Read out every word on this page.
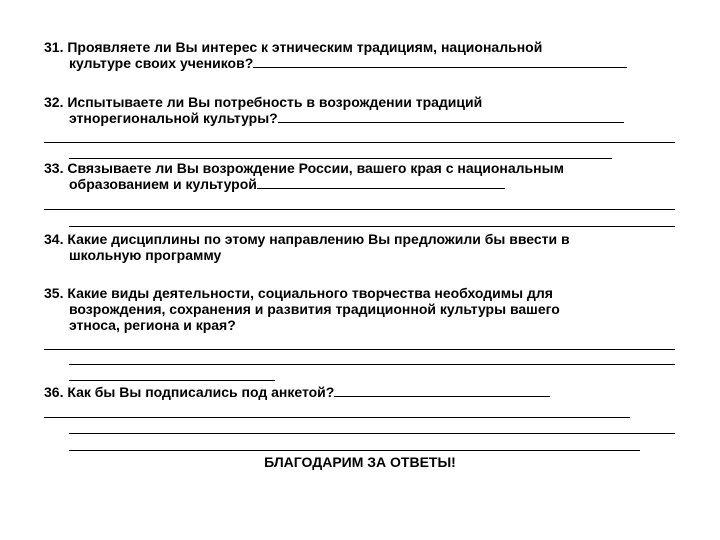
31. Проявляете ли Вы интерес к этническим традициям, национальной
культуре своих учеников?
32. Испытываете ли Вы потребность в возрождении традиций
этнорегиональной культуры?
33. Связываете ли Вы возрождение России, вашего края с национальным
образованием и культурой
34. Какие дисциплины по этому направлению Вы предложили бы ввести в
школьную программу
35. Какие виды деятельности, социального творчества необходимы для
возрождения, сохранения и развития традиционной культуры вашего
этноса, региона и края?
36. Как бы Вы подписались под анкетой?
БЛАГОДАРИМ ЗА ОТВЕТЫ!
